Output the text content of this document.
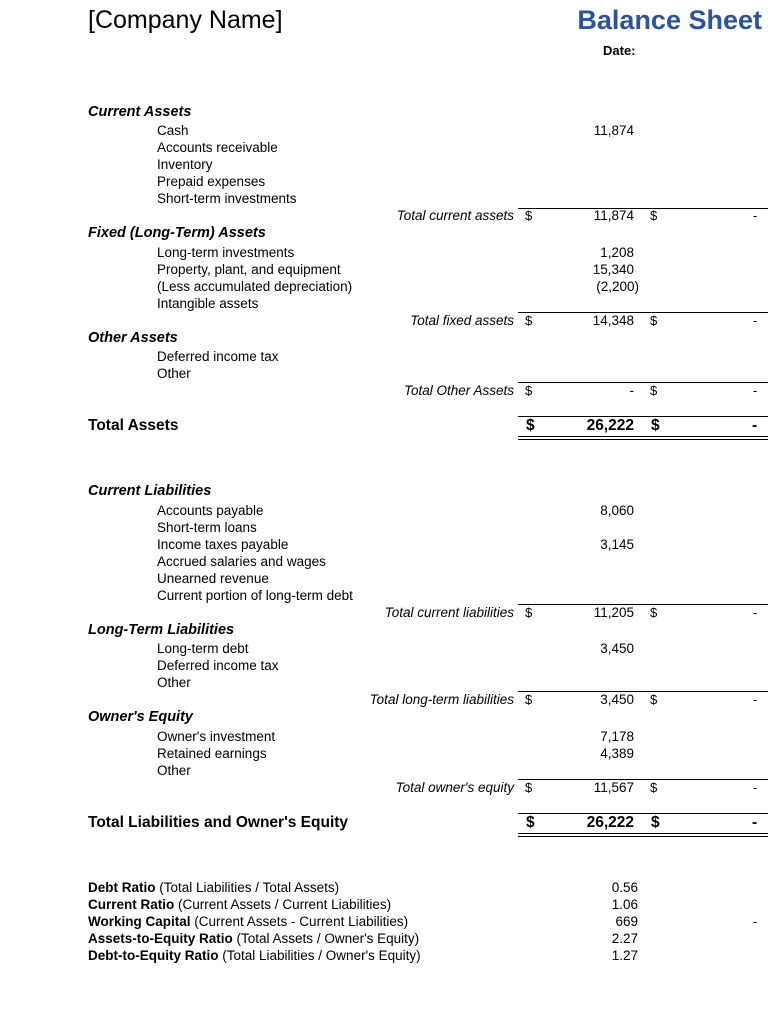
[Company Name]	Balance Sheet
Date:
Current Assets
Cash	11,874
Accounts receivable
Inventory
Prepaid expenses
Short-term investments
Total current assets $	11,874 $	-
Fixed (Long-Term) Assets
Long-term investments	1,208
Property, plant, and equipment	15,340
(Less accumulated depreciation)	(2,200)
Intangible assets
Total fixed assets $	14,348 $	-
Other Assets
Deferred income tax
Other
Total Other Assets $	- $	-
Total Assets	$	26,222 $	-
Current Liabilities
Accounts payable	8,060
Short-term loans
Income taxes payable	3,145
Accrued salaries and wages
Unearned revenue
Current portion of long-term debt
Total current liabilities $	11,205 $	-
Long-Term Liabilities
Long-term debt	3,450
Deferred income tax
Other
Total long-term liabilities $	3,450 $	-
Owner's Equity
Owner's investment	7,178
Retained earnings	4,389
Other
Total owner's equity $	11,567 $	-
Total Liabilities and Owner's Equity	$	26,222 $	-
Debt Ratio (Total Liabilities / Total Assets)	0.56
Current Ratio (Current Assets / Current Liabilities)	1.06
Working Capital (Current Assets - Current Liabilities)	669	-
Assets-to-Equity Ratio (Total Assets / Owner's Equity)	2.27
Debt-to-Equity Ratio (Total Liabilities / Owner's Equity)	1.27
